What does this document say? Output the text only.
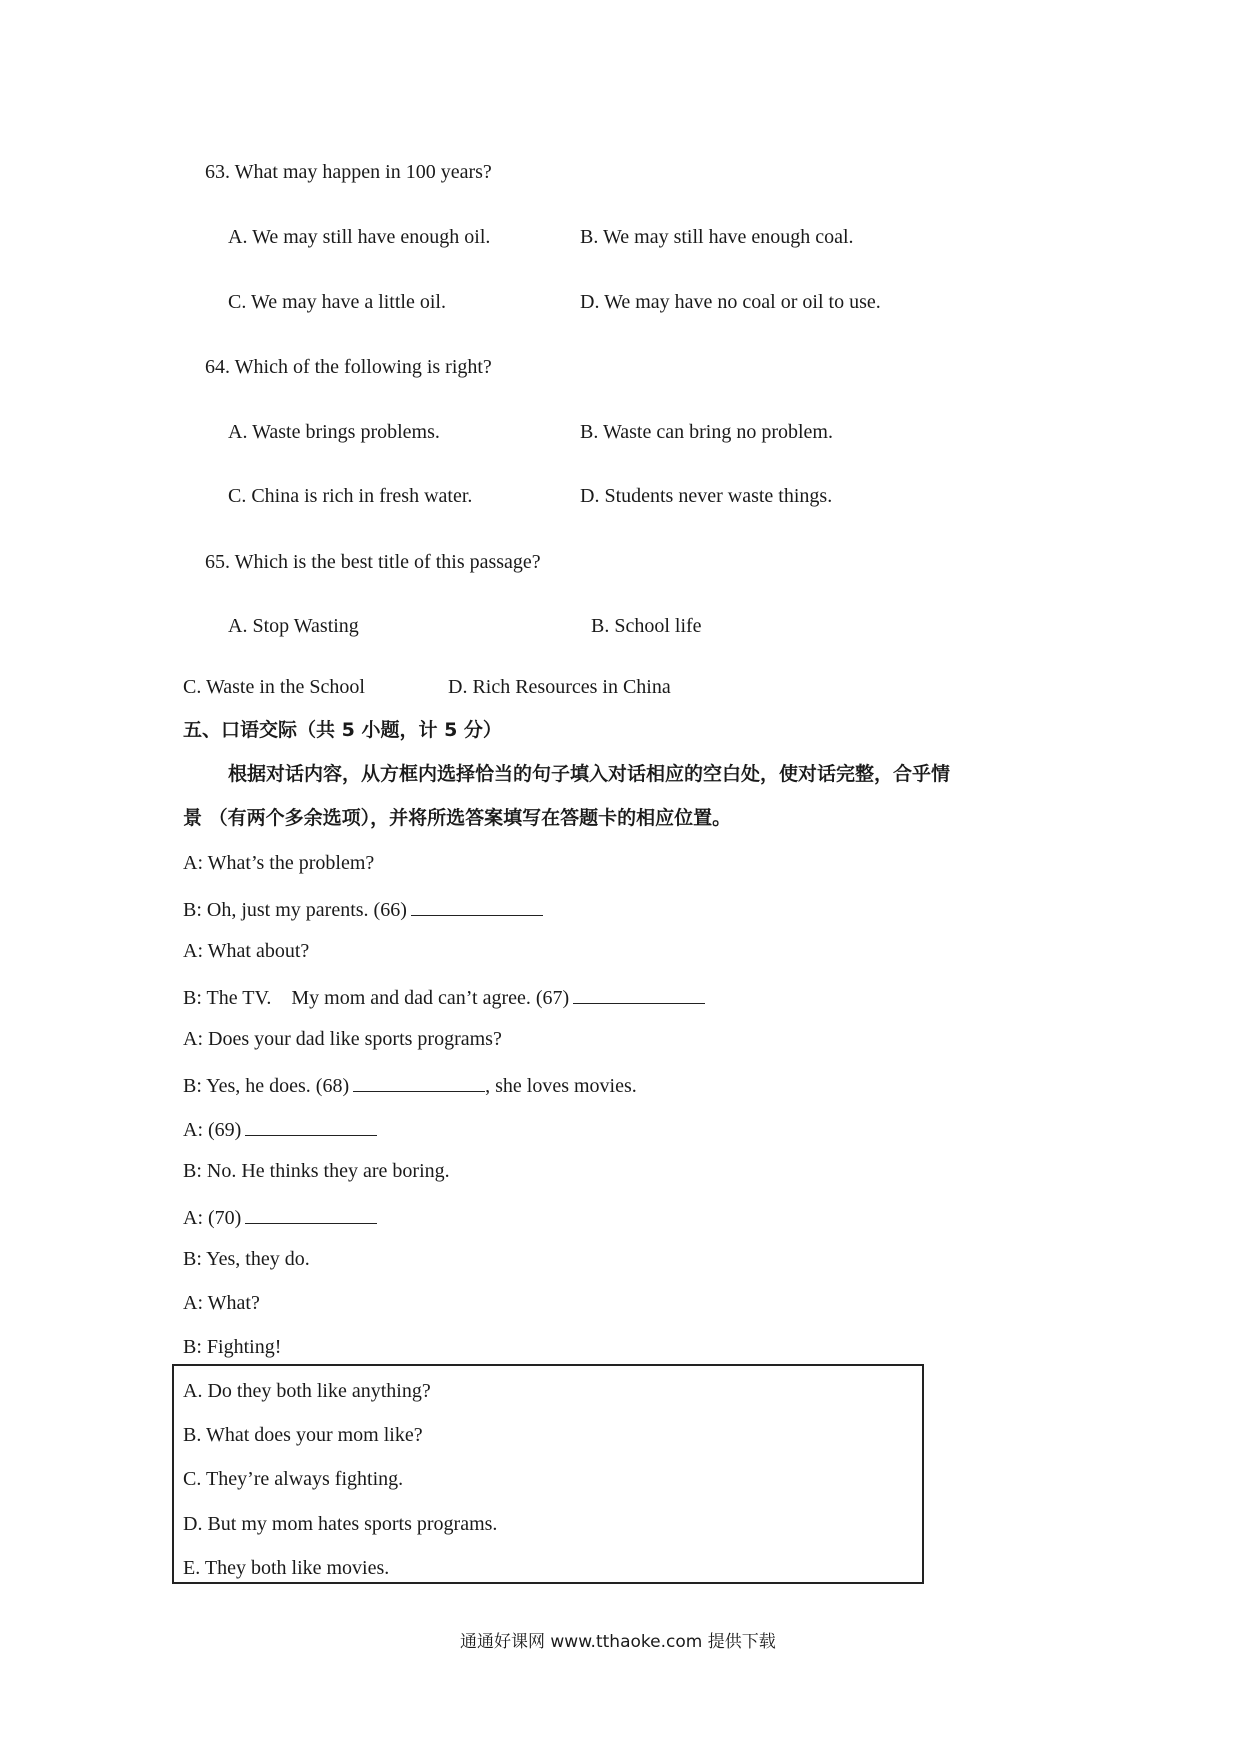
63. What may happen in 100 years?
A. We may still have enough oil.	B. We may still have enough coal.
C. We may have a little oil.	D. We may have no coal or oil to use.
64. Which of the following is right?
A. Waste brings problems.	B. Waste can bring no problem.
C. China is rich in fresh water.	D. Students never waste things.
65. Which is the best title of this passage?
A. Stop Wasting	B. School life
C. Waste in the School	D. Rich Resources in China
五、口语交际（共 5 小题，计 5 分）
根据对话内容，从方框内选择恰当的句子填入对话相应的空白处，使对话完整，合乎情
景 （有两个多余选项），并将所选答案填写在答题卡的相应位置。
A: What’s the problem?
B: Oh, just my parents. (66)
A: What about?
B: The TV.　My mom and dad can’t agree. (67)
A: Does your dad like sports programs?
B: Yes, he does. (68)	, she loves movies.
A: (69)
B: No. He thinks they are boring.
A: (70)
B: Yes, they do.
A: What?
B: Fighting!
A. Do they both like anything?
B. What does your mom like?
C. They’re always fighting.
D. But my mom hates sports programs.
E. They both like movies.
通通好课网 www.tthaoke.com 提供下载
